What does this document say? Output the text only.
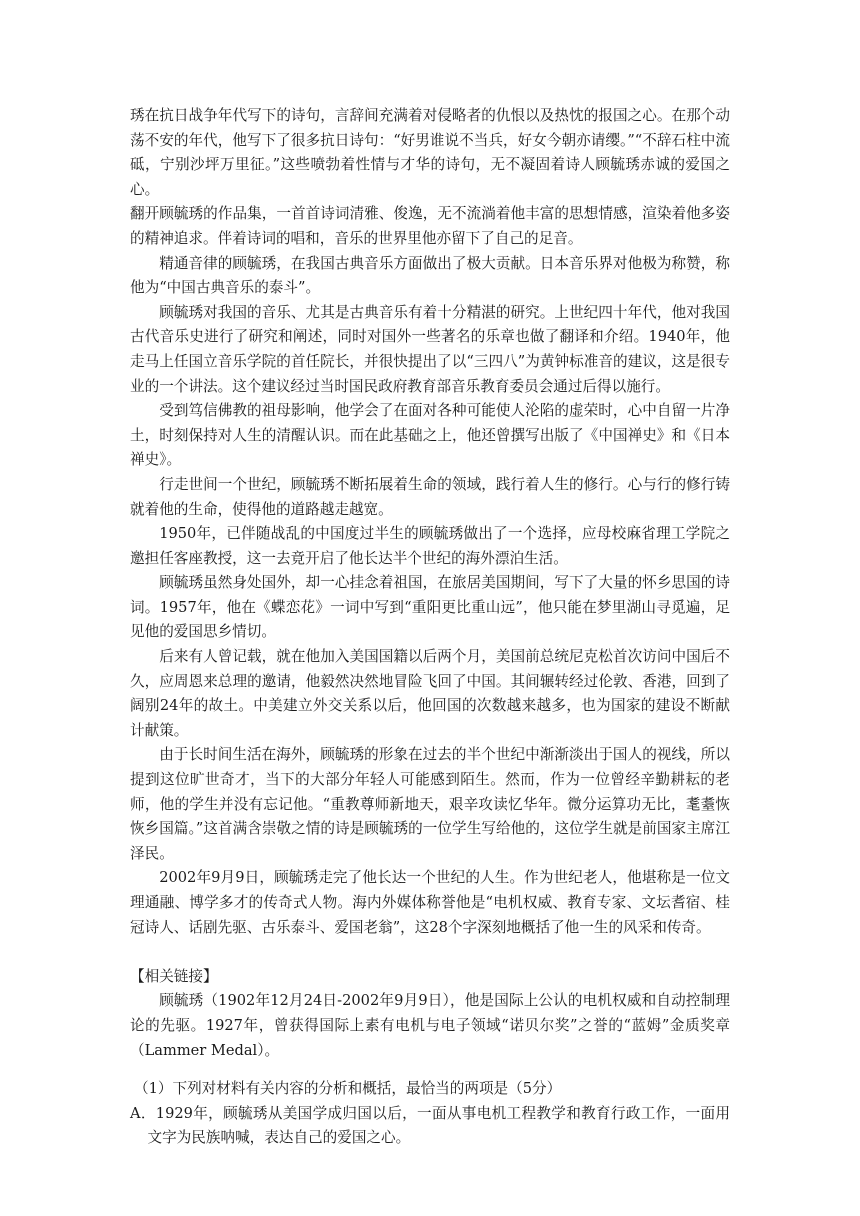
琇在抗日战争年代写下的诗句，言辞间充满着对侵略者的仇恨以及热忱的报国之心。在那个动荡不安的年代，他写下了很多抗日诗句：“好男谁说不当兵，好女今朝亦请缨。”“不辞石柱中流砥，宁别沙坪万里征。”这些喷勃着性情与才华的诗句，无不凝固着诗人顾毓琇赤诚的爱国之心。

翻开顾毓琇的作品集，一首首诗词清雅、俊逸，无不流淌着他丰富的思想情感，渲染着他多姿的精神追求。伴着诗词的唱和，音乐的世界里他亦留下了自己的足音。

精通音律的顾毓琇，在我国古典音乐方面做出了极大贡献。日本音乐界对他极为称赞，称他为“中国古典音乐的泰斗”。

顾毓琇对我国的音乐、尤其是古典音乐有着十分精湛的研究。上世纪四十年代，他对我国古代音乐史进行了研究和阐述，同时对国外一些著名的乐章也做了翻译和介绍。1940年，他走马上任国立音乐学院的首任院长，并很快提出了以“三四八”为黄钟标准音的建议，这是很专业的一个讲法。这个建议经过当时国民政府教育部音乐教育委员会通过后得以施行。

受到笃信佛教的祖母影响，他学会了在面对各种可能使人沦陷的虚荣时，心中自留一片净土，时刻保持对人生的清醒认识。而在此基础之上，他还曾撰写出版了《中国禅史》和《日本禅史》。

行走世间一个世纪，顾毓琇不断拓展着生命的领域，践行着人生的修行。心与行的修行铸就着他的生命，使得他的道路越走越宽。

1950年，已伴随战乱的中国度过半生的顾毓琇做出了一个选择，应母校麻省理工学院之邀担任客座教授，这一去竟开启了他长达半个世纪的海外漂泊生活。

顾毓琇虽然身处国外，却一心挂念着祖国，在旅居美国期间，写下了大量的怀乡思国的诗词。1957年，他在《蝶恋花》一词中写到“重阳更比重山远”，他只能在梦里湖山寻觅遍，足见他的爱国思乡情切。

后来有人曾记载，就在他加入美国国籍以后两个月，美国前总统尼克松首次访问中国后不久，应周恩来总理的邀请，他毅然决然地冒险飞回了中国。其间辗转经过伦敦、香港，回到了阔别24年的故土。中美建立外交关系以后，他回国的次数越来越多，也为国家的建设不断献计献策。

由于长时间生活在海外，顾毓琇的形象在过去的半个世纪中渐渐淡出于国人的视线，所以提到这位旷世奇才，当下的大部分年轻人可能感到陌生。然而，作为一位曾经辛勤耕耘的老师，他的学生并没有忘记他。“重教尊师新地天，艰辛攻读忆华年。微分运算功无比，耄耋恢恢乡国篇。”这首满含崇敬之情的诗是顾毓琇的一位学生写给他的，这位学生就是前国家主席江泽民。

2002年9月9日，顾毓琇走完了他长达一个世纪的人生。作为世纪老人，他堪称是一位文理通融、博学多才的传奇式人物。海内外媒体称誉他是“电机权威、教育专家、文坛耆宿、桂冠诗人、话剧先驱、古乐泰斗、爱国老翁”，这28个字深刻地概括了他一生的风采和传奇。

【相关链接】

顾毓琇（1902年12月24日-2002年9月9日），他是国际上公认的电机权威和自动控制理论的先驱。1927年，曾获得国际上素有电机与电子领域“诺贝尔奖”之誉的“蓝姆”金质奖章（Lammer Medal）。

（1）下列对材料有关内容的分析和概括，最恰当的两项是（5分）

A．1929年，顾毓琇从美国学成归国以后，一面从事电机工程教学和教育行政工作，一面用文字为民族呐喊，表达自己的爱国之心。
